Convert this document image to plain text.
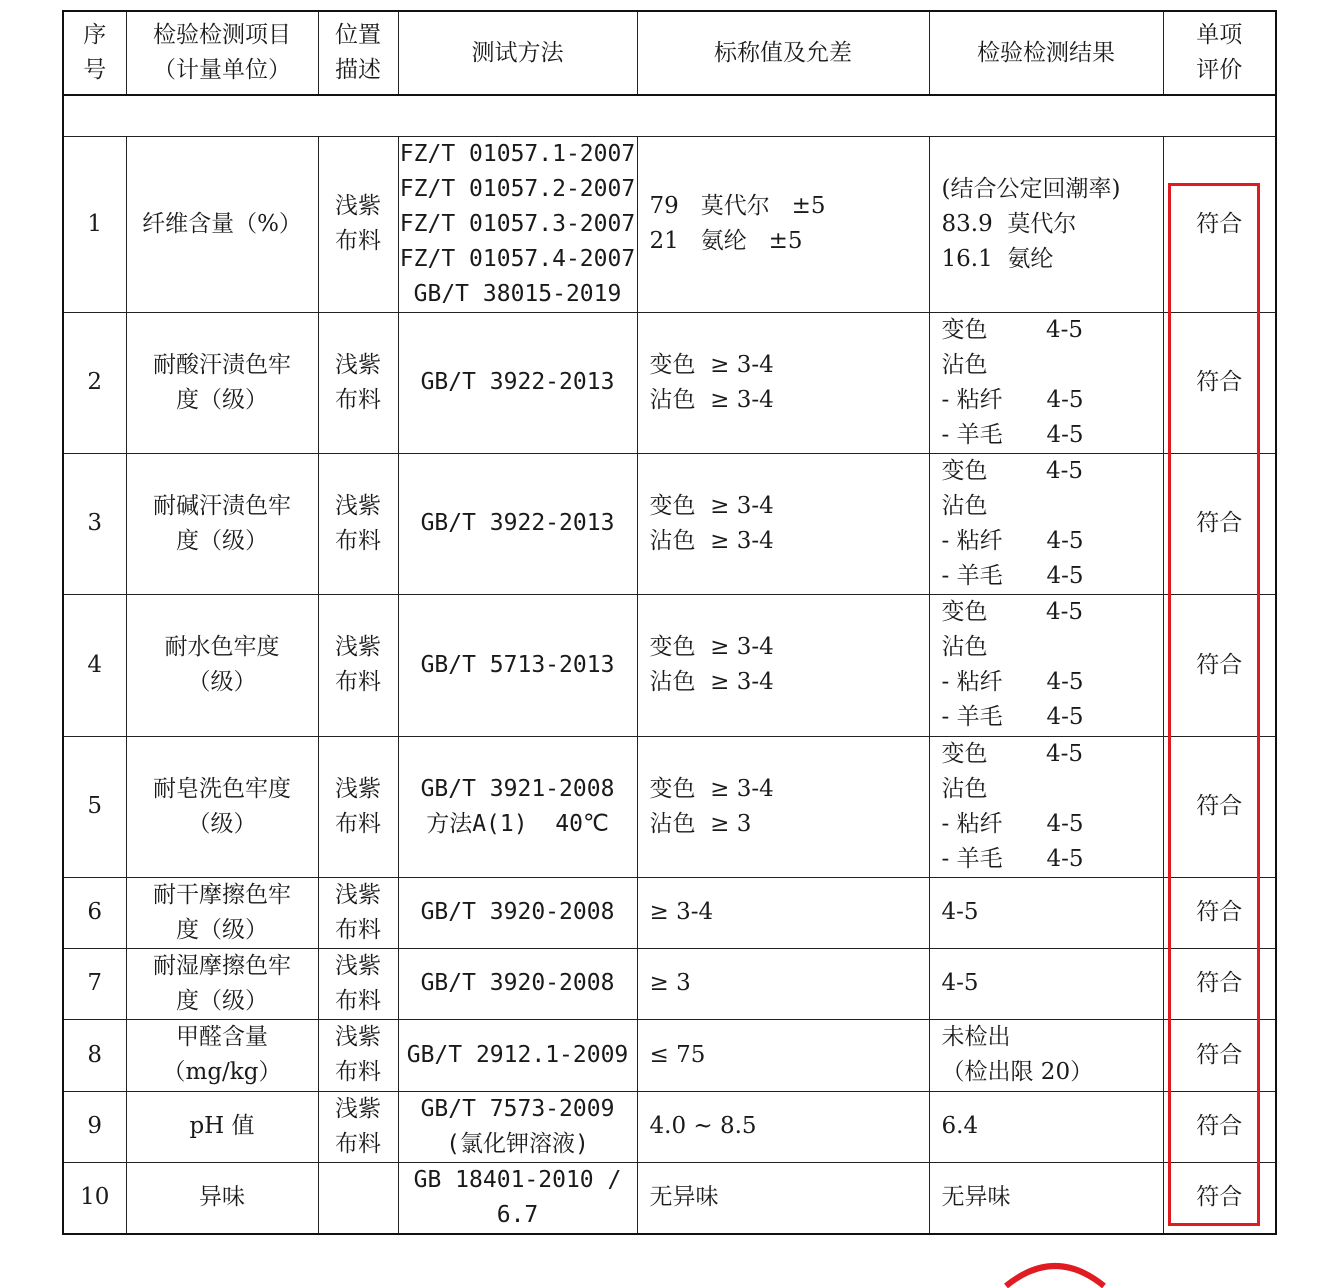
序
号	检验检测项目
（计量单位）	位置
描述	测试方法	标称值及允差	检验检测结果	单项
评价

1	纤维含量（%）	浅紫
布料	FZ/T 01057.1-2007
FZ/T 01057.2-2007
FZ/T 01057.3-2007
FZ/T 01057.4-2007
GB/T 38015-2019	79   莫代尔   ±5
21   氨纶   ±5	(结合公定回潮率)
83.9  莫代尔
16.1  氨纶	符合
2	耐酸汗渍色牢
度（级）	浅紫
布料	GB/T 3922-2013	变色  ≥ 3-4
沾色  ≥ 3-4	变色        4-5
沾色
- 粘纤      4-5
- 羊毛      4-5	符合
3	耐碱汗渍色牢
度（级）	浅紫
布料	GB/T 3922-2013	变色  ≥ 3-4
沾色  ≥ 3-4	变色        4-5
沾色
- 粘纤      4-5
- 羊毛      4-5	符合
4	耐水色牢度
（级）	浅紫
布料	GB/T 5713-2013	变色  ≥ 3-4
沾色  ≥ 3-4	变色        4-5
沾色
- 粘纤      4-5
- 羊毛      4-5	符合
5	耐皂洗色牢度
（级）	浅紫
布料	GB/T 3921-2008
方法A(1)  40℃	变色  ≥ 3-4
沾色  ≥ 3	变色        4-5
沾色
- 粘纤      4-5
- 羊毛      4-5	符合
6	耐干摩擦色牢
度（级）	浅紫
布料	GB/T 3920-2008	≥ 3-4	4-5	符合
7	耐湿摩擦色牢
度（级）	浅紫
布料	GB/T 3920-2008	≥ 3	4-5	符合
8	甲醛含量
（mg/kg）	浅紫
布料	GB/T 2912.1-2009	≤ 75	未检出
（检出限 20）	符合
9	pH 值	浅紫
布料	GB/T 7573-2009
(氯化钾溶液)	4.0 ~ 8.5	6.4	符合
10	异味		GB 18401-2010 /
6.7	无异味	无异味	符合
